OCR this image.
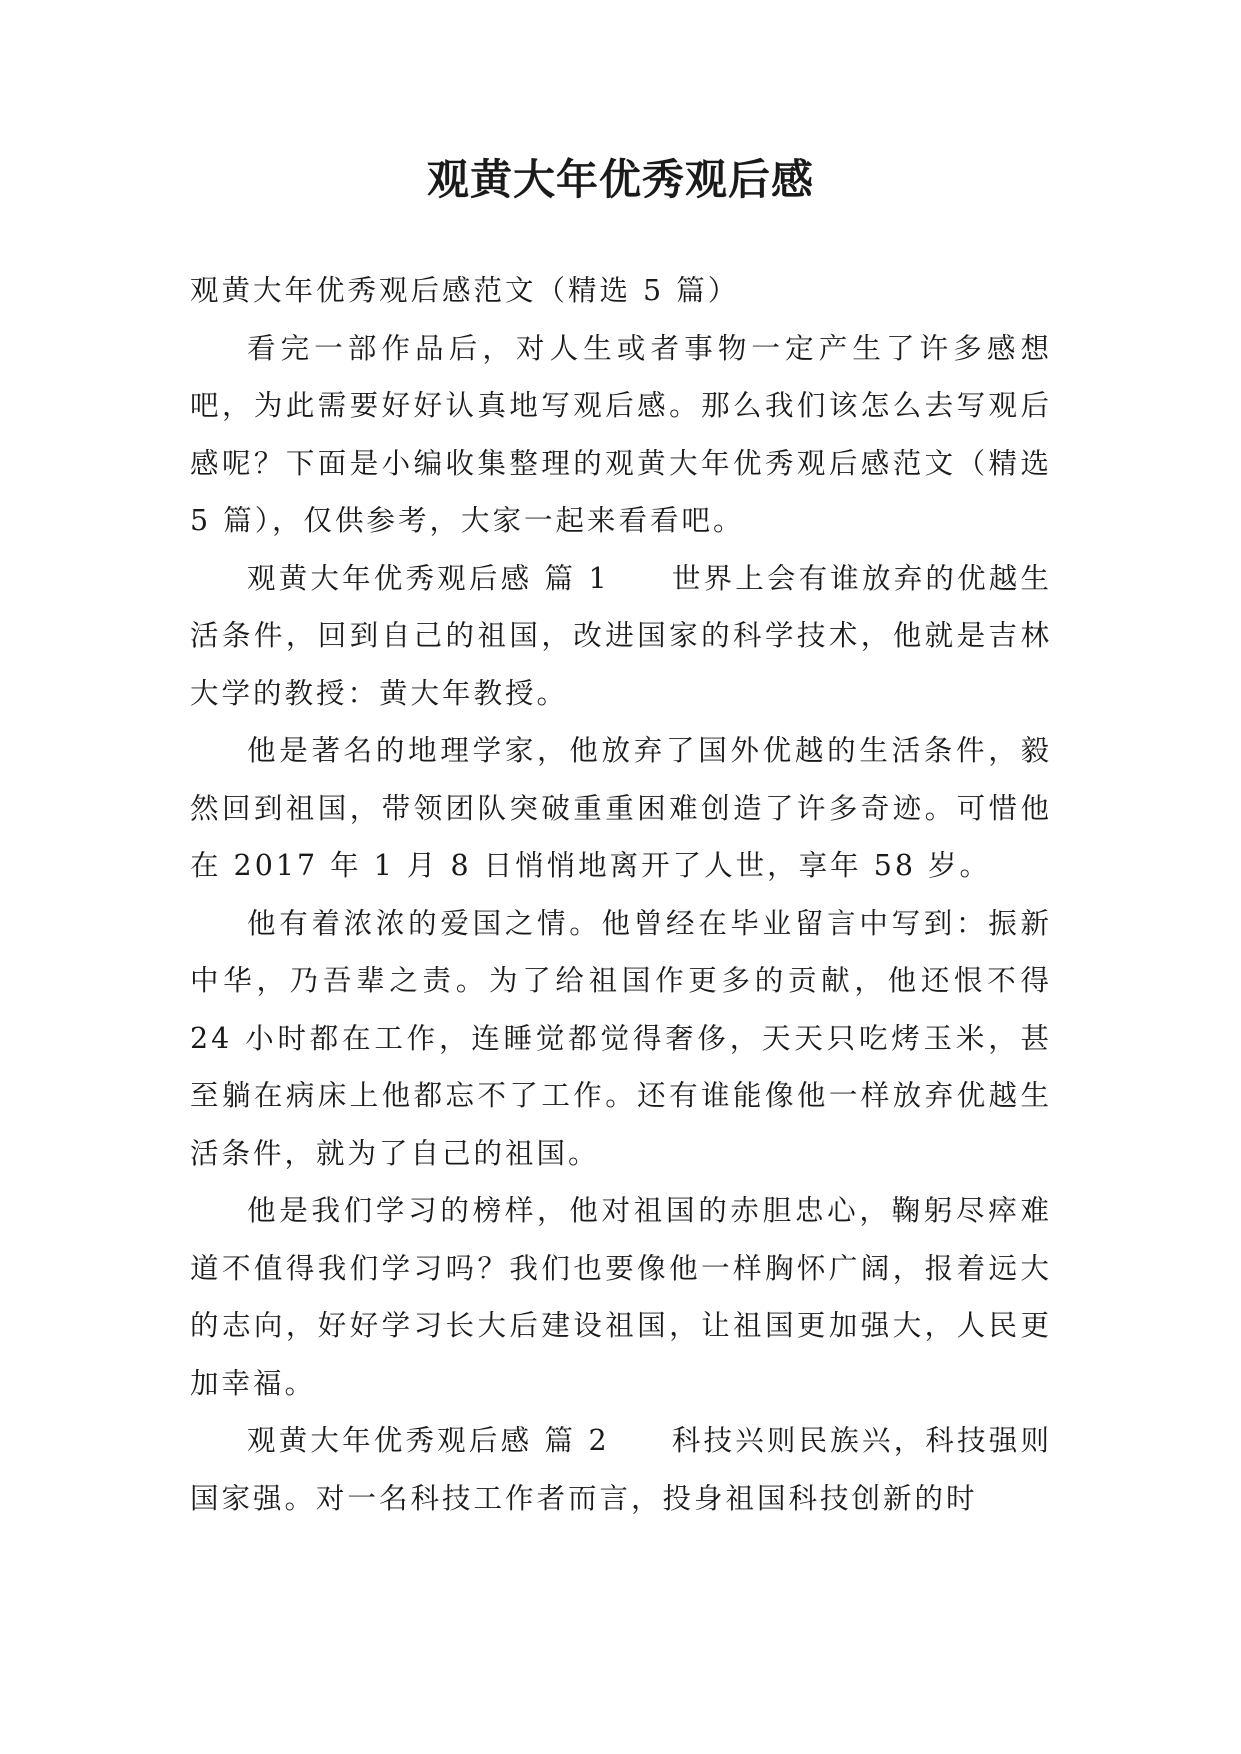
观黄大年优秀观后感

观黄大年优秀观后感范文（精选 5 篇）

看完一部作品后，对人生或者事物一定产生了许多感想吧，为此需要好好认真地写观后感。那么我们该怎么去写观后感呢？下面是小编收集整理的观黄大年优秀观后感范文（精选 5 篇），仅供参考，大家一起来看看吧。

观黄大年优秀观后感 篇 1 世界上会有谁放弃的优越生活条件，回到自己的祖国，改进国家的科学技术，他就是吉林大学的教授：黄大年教授。

他是著名的地理学家，他放弃了国外优越的生活条件，毅然回到祖国，带领团队突破重重困难创造了许多奇迹。可惜他在 2017 年 1 月 8 日悄悄地离开了人世，享年 58 岁。

他有着浓浓的爱国之情。他曾经在毕业留言中写到：振新中华，乃吾辈之责。为了给祖国作更多的贡献，他还恨不得 24 小时都在工作，连睡觉都觉得奢侈，天天只吃烤玉米，甚至躺在病床上他都忘不了工作。还有谁能像他一样放弃优越生活条件，就为了自己的祖国。

他是我们学习的榜样，他对祖国的赤胆忠心，鞠躬尽瘁难道不值得我们学习吗？我们也要像他一样胸怀广阔，报着远大的志向，好好学习长大后建设祖国，让祖国更加强大，人民更加幸福。

观黄大年优秀观后感 篇 2 科技兴则民族兴，科技强则国家强。对一名科技工作者而言，投身祖国科技创新的时
